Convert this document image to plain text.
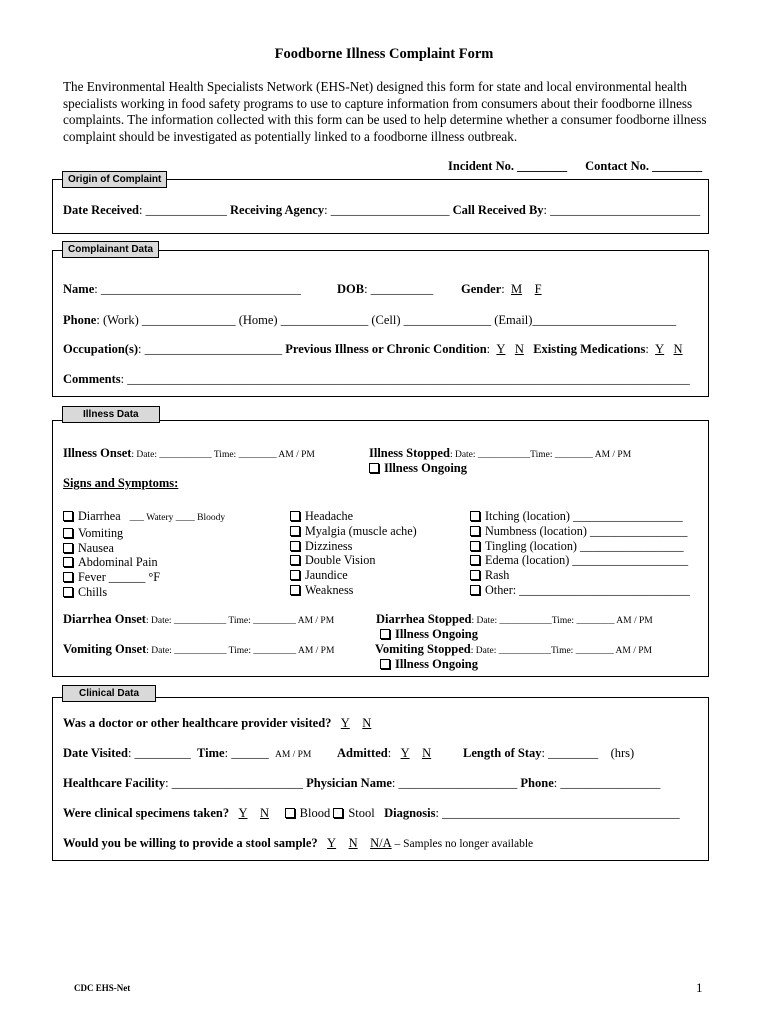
Foodborne Illness Complaint Form

The Environmental Health Specialists Network (EHS-Net) designed this form for state and local environmental health specialists working in food safety programs to use to capture information from consumers about their foodborne illness complaints. The information collected with this form can be used to help determine whether a consumer foodborne illness complaint should be investigated as potentially linked to a foodborne illness outbreak.

Incident No. ________ Contact No. ________
Origin of Complaint
Date Received: _____________ Receiving Agency: ___________________ Call Received By: ________________________
Complainant Data
Name: ________________________________	DOB: __________ Gender: M F
Phone: (Work) _______________ (Home) ______________ (Cell) ______________ (Email)_______________________
Occupation(s): ______________________ Previous Illness or Chronic Condition: Y N Existing Medications: Y N
Comments: __________________________________________________________________________________________
Illness Data
Illness Onset: Date: ___________ Time: ________ AM / PM	Illness Stopped: Date: ___________Time: ________ AM / PM
Illness Ongoing
Signs and Symptoms:
Diarrhea ___ Watery ____ Bloody
Vomiting
Nausea
Abdominal Pain
Fever ______ °F
Chills
Headache
Myalgia (muscle ache)
Dizziness
Double Vision
Jaundice
Weakness
Itching (location) __________________
Numbness (location) ________________
Tingling (location) _________________
Edema (location) ___________________
Rash
Other: ____________________________
Diarrhea Onset: Date: ___________ Time: _________ AM / PM	Diarrhea Stopped: Date: ___________Time: ________ AM / PM
Illness Ongoing
Vomiting Onset: Date: ___________ Time: _________ AM / PM	Vomiting Stopped: Date: ___________Time: ________ AM / PM
Illness Ongoing
Clinical Data
Was a doctor or other healthcare provider visited? Y N
Date Visited: _________ Time: ______ AM / PM Admitted: Y N	Length of Stay: ________ (hrs)
Healthcare Facility: _____________________ Physician Name: ___________________ Phone: ________________
Were clinical specimens taken? Y N Blood Stool Diagnosis: ______________________________________
Would you be willing to provide a stool sample? Y N N/A – Samples no longer available
CDC EHS-Net	1
